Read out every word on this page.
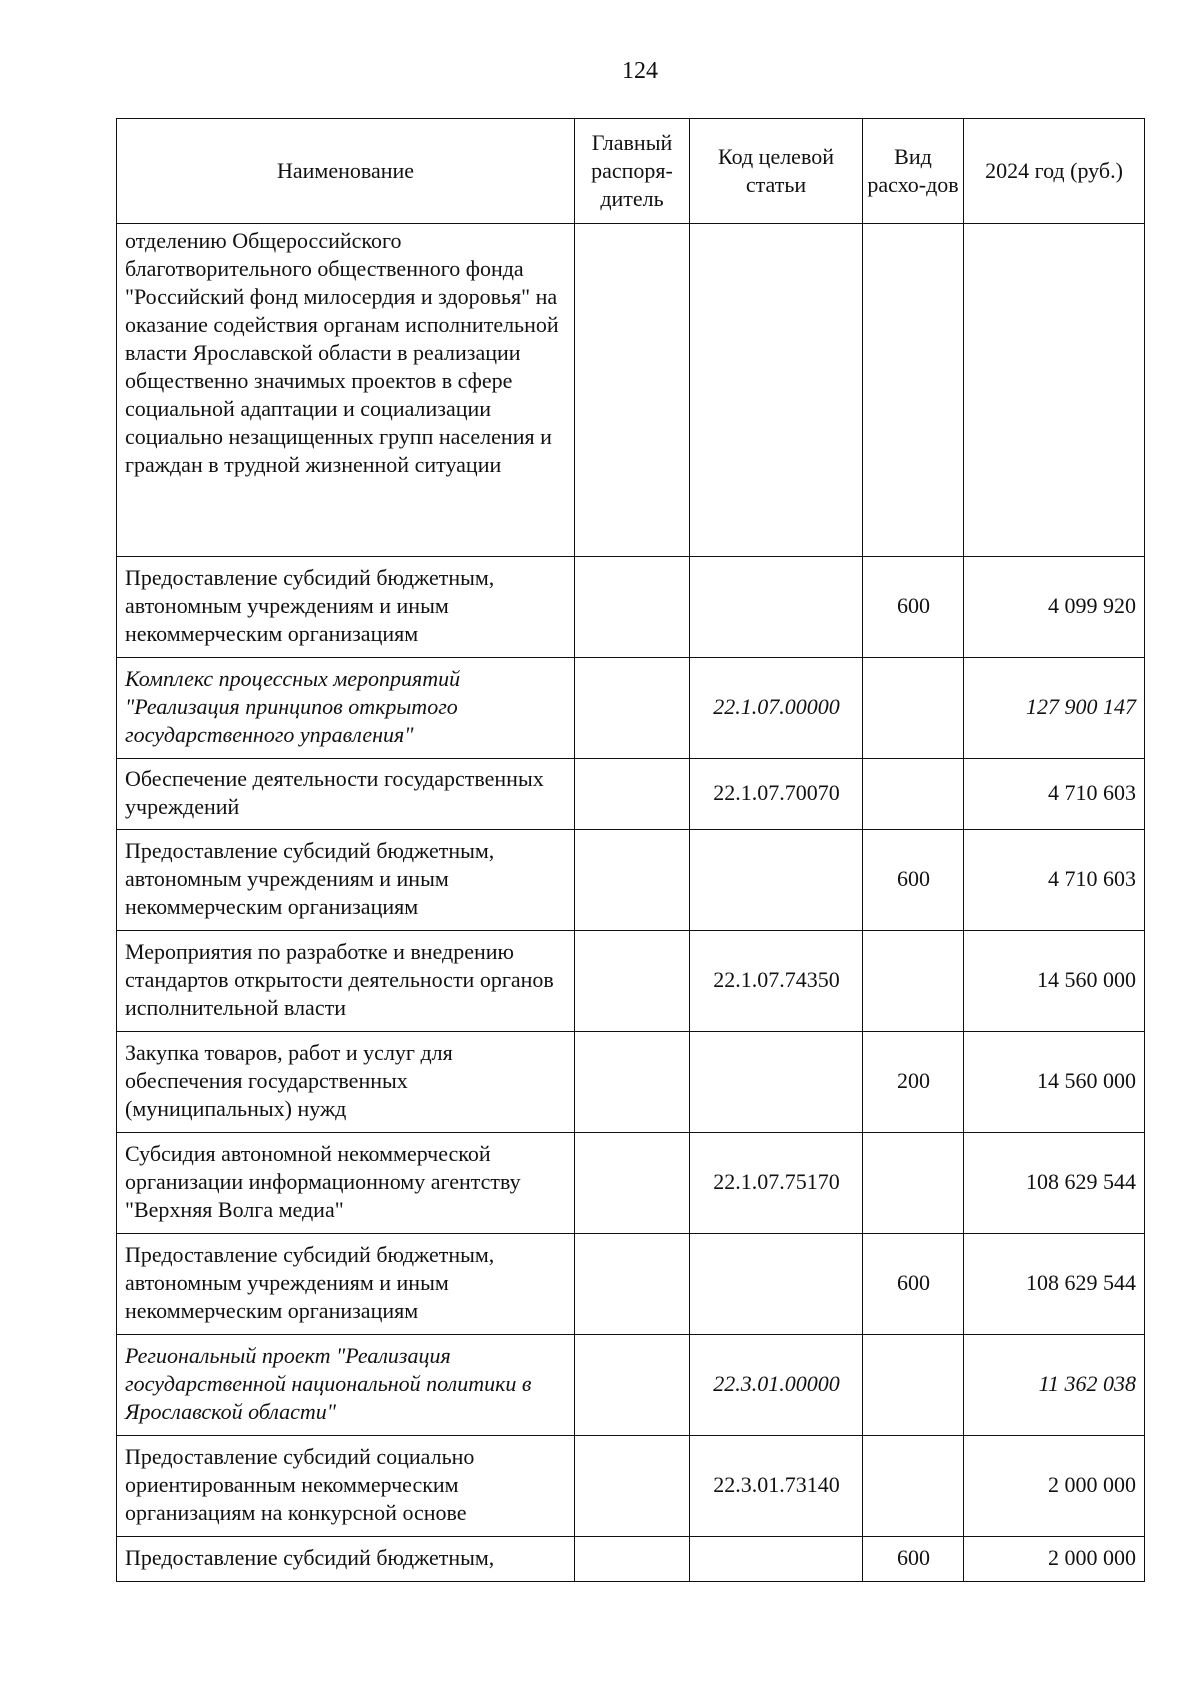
124
Наименование	Главный распоря-дитель	Код целевой статьи	Вид расхо-дов	2024 год (руб.)
отделению Общероссийского благотворительного общественного фонда "Российский фонд милосердия и здоровья" на оказание содействия органам исполнительной власти Ярославской области в реализации общественно значимых проектов в сфере социальной адаптации и социализации социально незащищенных групп населения и граждан в трудной жизненной ситуации				
Предоставление субсидий бюджетным, автономным учреждениям и иным некоммерческим организациям			600	4 099 920
Комплекс процессных мероприятий "Реализация принципов открытого государственного управления"		22.1.07.00000		127 900 147
Обеспечение деятельности государственных учреждений		22.1.07.70070		4 710 603
Предоставление субсидий бюджетным, автономным учреждениям и иным некоммерческим организациям			600	4 710 603
Мероприятия по разработке и внедрению стандартов открытости деятельности органов исполнительной власти		22.1.07.74350		14 560 000
Закупка товаров, работ и услуг для обеспечения государственных (муниципальных) нужд			200	14 560 000
Субсидия автономной некоммерческой организации информационному агентству "Верхняя Волга медиа"		22.1.07.75170		108 629 544
Предоставление субсидий бюджетным, автономным учреждениям и иным некоммерческим организациям			600	108 629 544
Региональный проект "Реализация государственной национальной политики в Ярославской области"		22.3.01.00000		11 362 038
Предоставление субсидий социально ориентированным некоммерческим организациям на конкурсной основе		22.3.01.73140		2 000 000
Предоставление субсидий бюджетным,			600	2 000 000
